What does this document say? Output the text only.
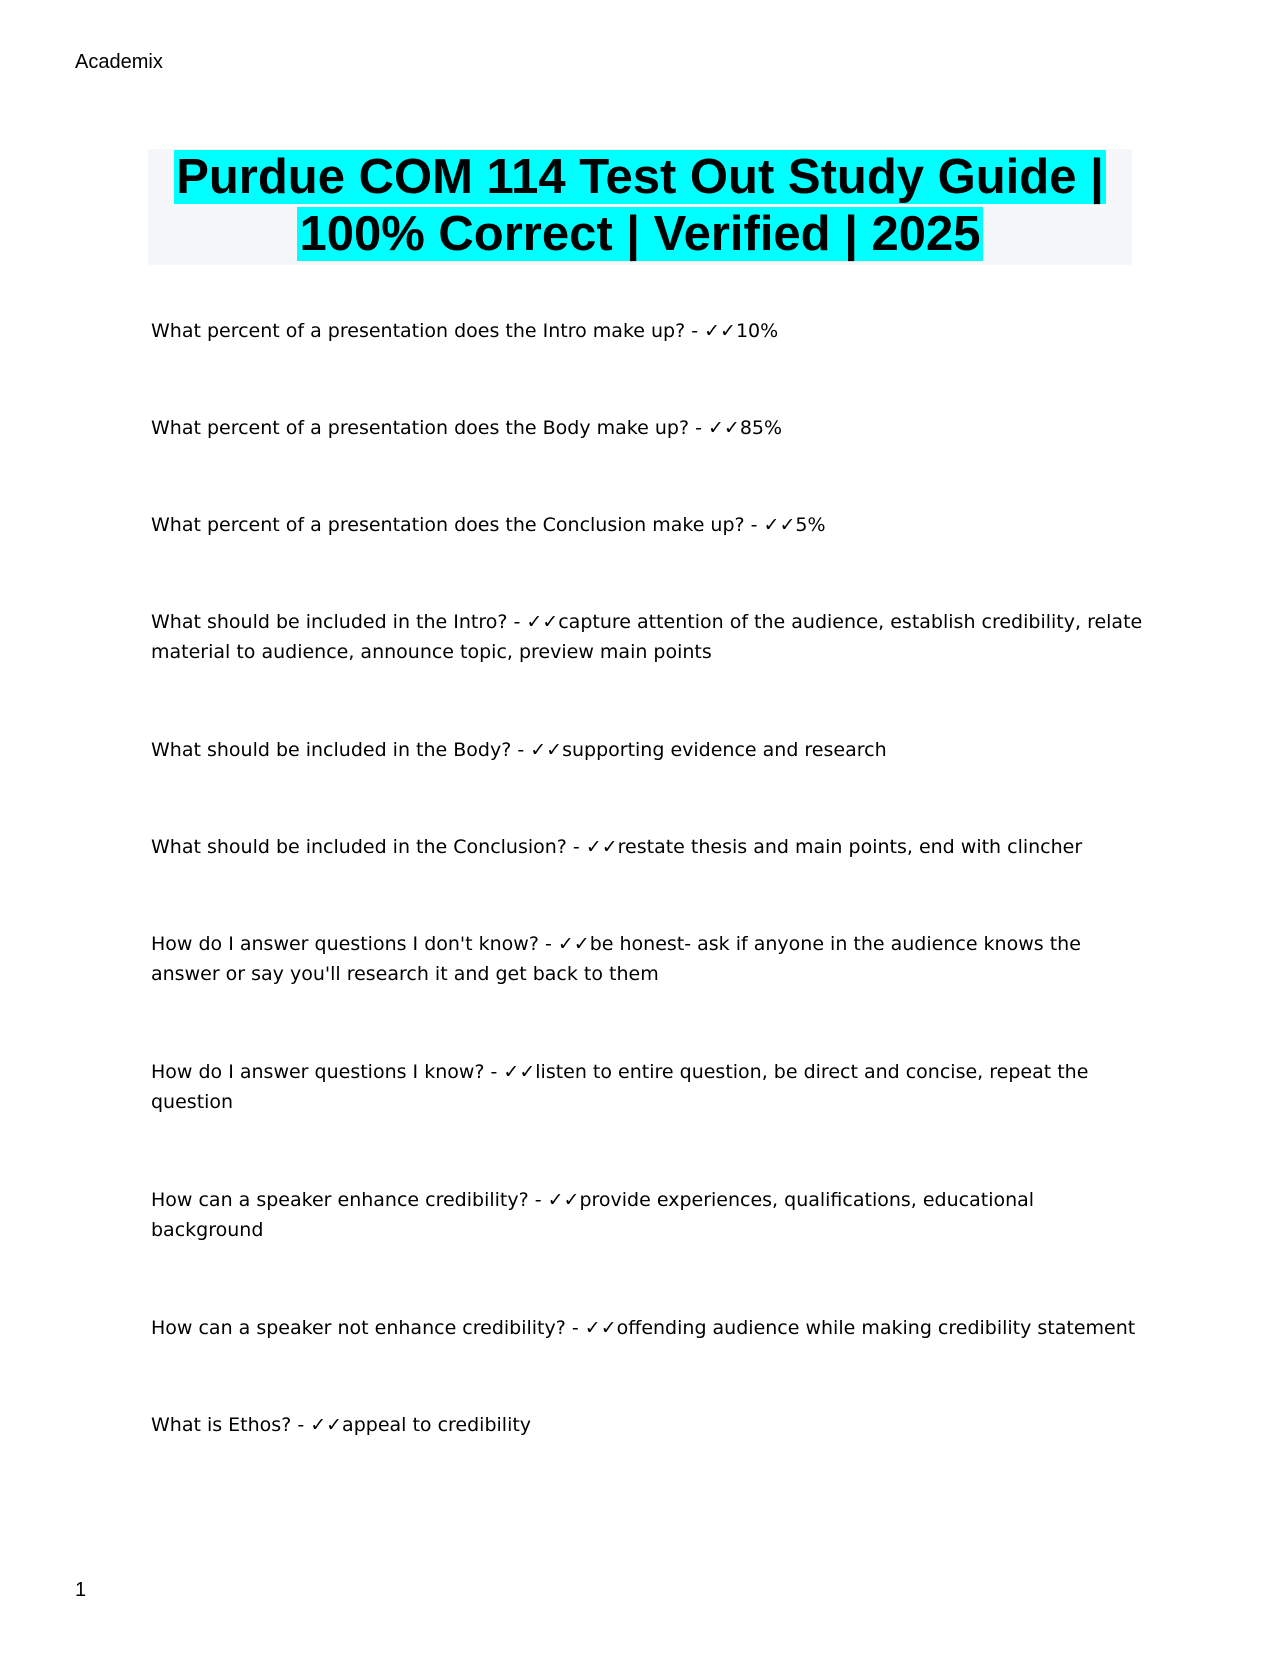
Academix
Purdue COM 114 Test Out Study Guide |
100% Correct | Verified | 2025
What percent of a presentation does the Intro make up? - ✓✓10%
What percent of a presentation does the Body make up? - ✓✓85%
What percent of a presentation does the Conclusion make up? - ✓✓5%
What should be included in the Intro? - ✓✓capture attention of the audience, establish credibility, relate
material to audience, announce topic, preview main points
What should be included in the Body? - ✓✓supporting evidence and research
What should be included in the Conclusion? - ✓✓restate thesis and main points, end with clincher
How do I answer questions I don't know? - ✓✓be honest- ask if anyone in the audience knows the
answer or say you'll research it and get back to them
How do I answer questions I know? - ✓✓listen to entire question, be direct and concise, repeat the
question
How can a speaker enhance credibility? - ✓✓provide experiences, qualifications, educational
background
How can a speaker not enhance credibility? - ✓✓offending audience while making credibility statement
What is Ethos? - ✓✓appeal to credibility
1
